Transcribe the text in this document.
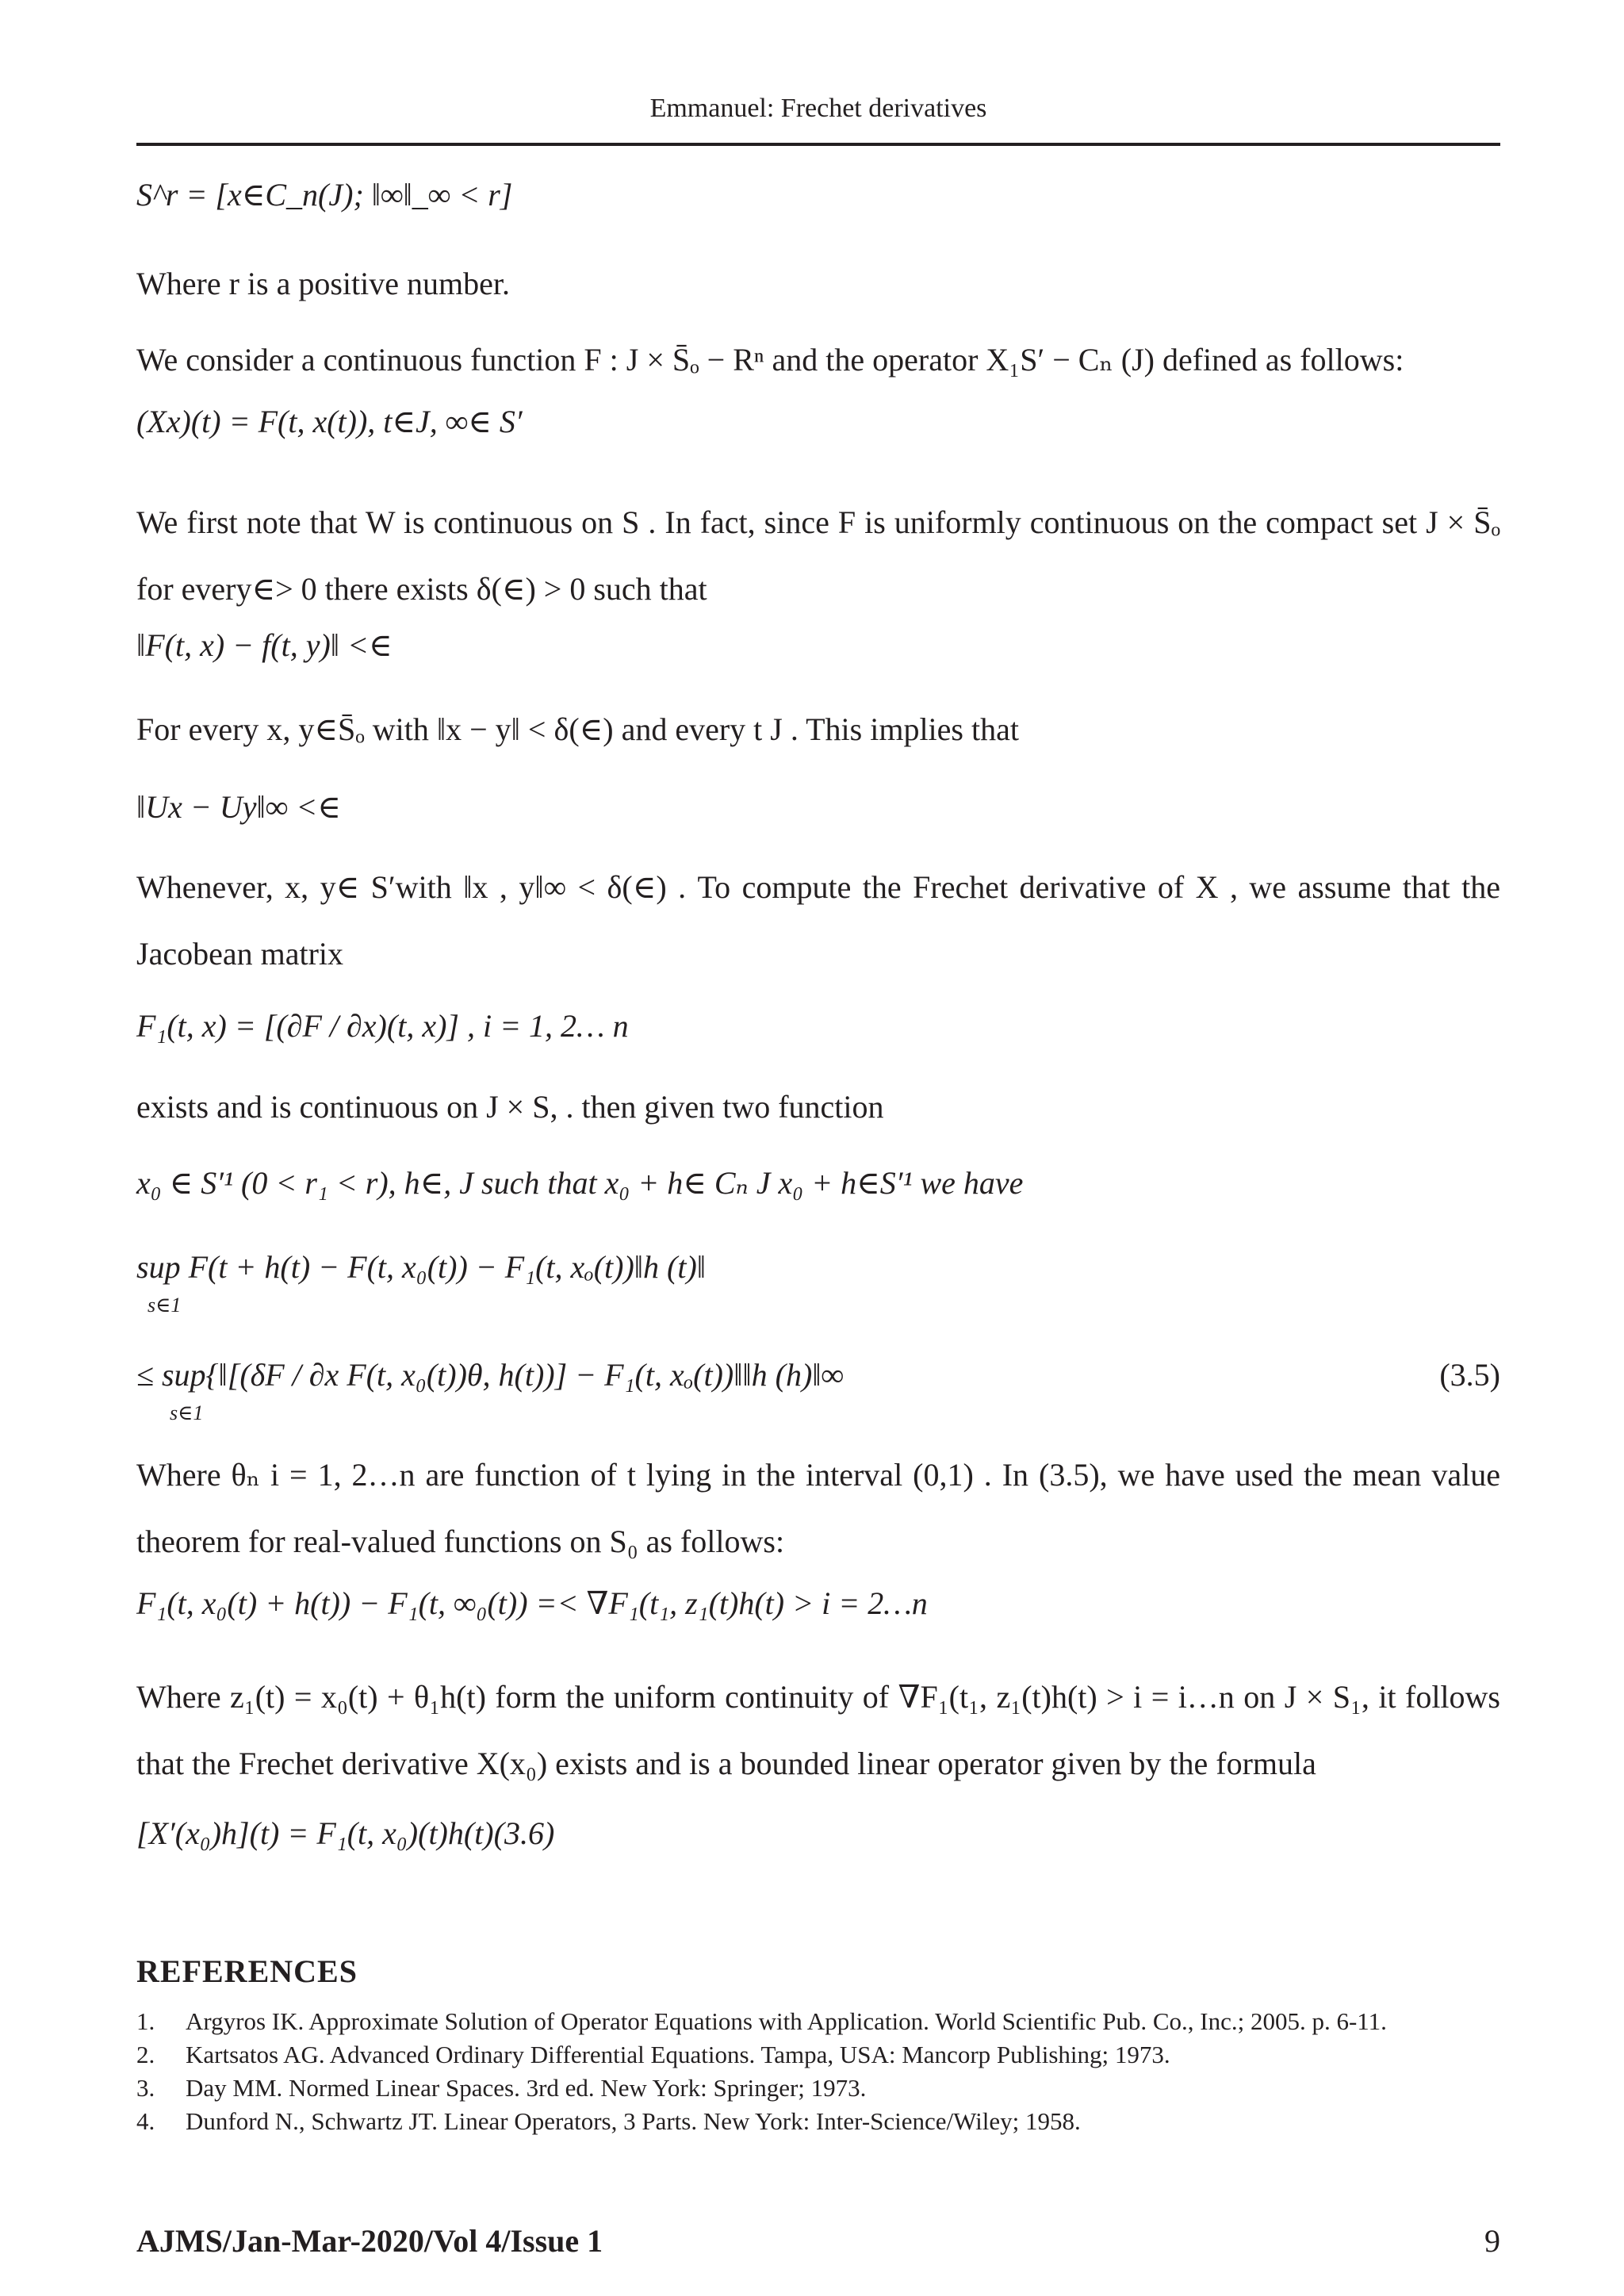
Emmanuel: Frechet derivatives
S^r = [x∈C_n(J); ‖∞‖_∞ < r]
Where r is a positive number.
We consider a continuous function F : J × S̄ₒ − Rⁿ and the operator X₁S′ − Cₙ (J) defined as follows:
(Xx)(t) = F(t, x(t)), t∈J, ∞∈ S′
We first note that W is continuous on S . In fact, since F is uniformly continuous on the compact set J × S̄ₒ for every∈> 0 there exists δ(∈) > 0 such that
‖F(t, x) − f(t, y)‖ <∈
For every x, y∈S̄ₒ with ‖x − y‖ < δ(∈) and every t J . This implies that
‖Ux − Uy‖∞ <∈
Whenever, x, y∈ S′with ‖x , y‖∞ < δ(∈) . To compute the Frechet derivative of X , we assume that the Jacobean matrix
F₁(t, x) = [(∂F / ∂x)(t, x)] , i = 1, 2… n
exists and is continuous on J × S, . then given two function
x₀ ∈ S′¹ (0 < r₁ < r), h∈, J such that x₀ + h∈ Cₙ J x₀ + h∈S′¹ we have
sup F(t + h(t) − F(t, x₀(t)) − F₁(t, xₒ(t))‖h (t)‖
s∈1
≤ sup{‖[(δF / ∂x F(t, x₀(t))θ, h(t))] − F₁(t, xₒ(t))‖‖h (h)‖∞	(3.5)
s∈1
Where θₙ i = 1, 2…n are function of t lying in the interval (0,1) . In (3.5), we have used the mean value theorem for real-valued functions on S₀ as follows:
F₁(t, x₀(t) + h(t)) − F₁(t, ∞₀(t)) =< ∇F₁(t₁, z₁(t)h(t) > i = 2…n
Where z₁(t) = x₀(t) + θ₁h(t) form the uniform continuity of ∇F₁(t₁, z₁(t)h(t) > i = i…n on J × S₁, it follows that the Frechet derivative X(x₀) exists and is a bounded linear operator given by the formula
[X′(x₀)h](t) = F₁(t, x₀)(t)h(t)(3.6)
REFERENCES
1. Argyros IK. Approximate Solution of Operator Equations with Application. World Scientific Pub. Co., Inc.; 2005. p. 6-11.
2. Kartsatos AG. Advanced Ordinary Differential Equations. Tampa, USA: Mancorp Publishing; 1973.
3. Day MM. Normed Linear Spaces. 3rd ed. New York: Springer; 1973.
4. Dunford N., Schwartz JT. Linear Operators, 3 Parts. New York: Inter-Science/Wiley; 1958.
AJMS/Jan-Mar-2020/Vol 4/Issue 1	9
